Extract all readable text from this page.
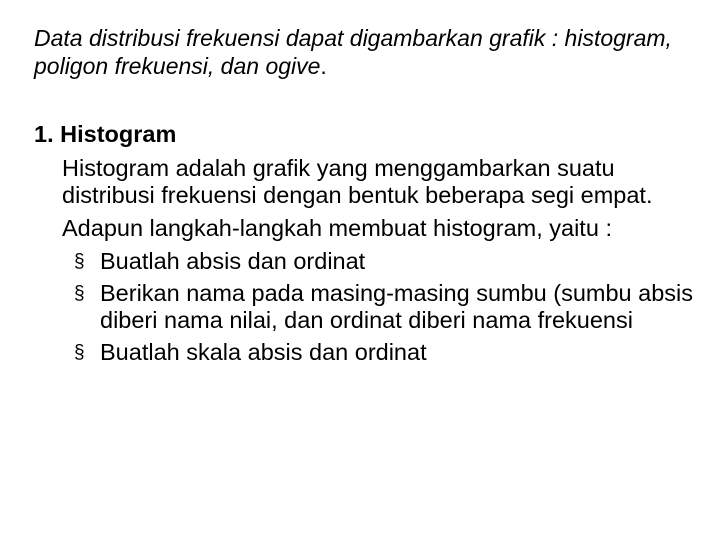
Data distribusi frekuensi dapat digambarkan grafik : histogram, poligon frekuensi, dan ogive.
1. Histogram
Histogram adalah grafik yang menggambarkan suatu distribusi frekuensi dengan bentuk beberapa segi empat.
Adapun langkah-langkah membuat histogram, yaitu :
§ Buatlah absis dan ordinat
§ Berikan nama pada masing-masing sumbu (sumbu absis diberi nama nilai, dan ordinat diberi nama frekuensi
§ Buatlah skala absis dan ordinat
